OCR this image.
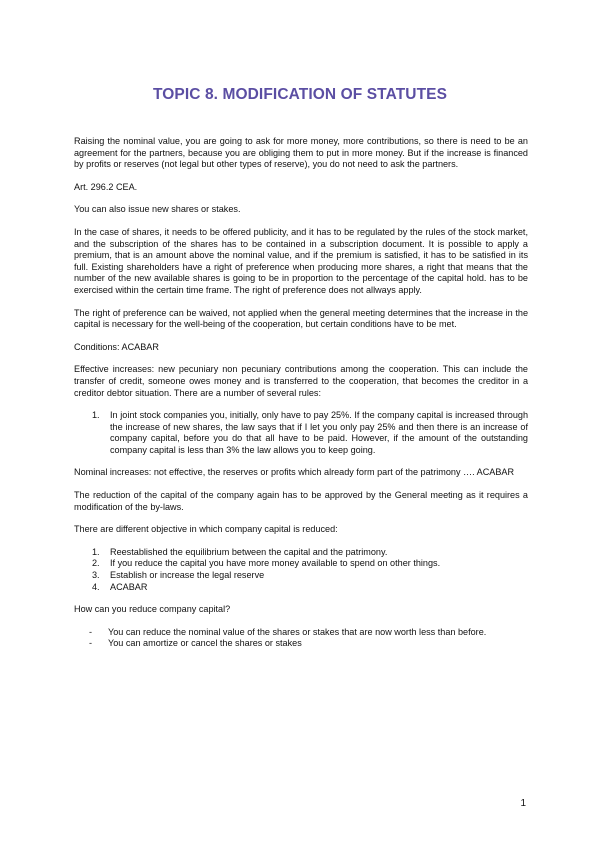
TOPIC 8. MODIFICATION OF STATUTES

Raising the nominal value, you are going to ask for more money, more contributions, so there is need to be an agreement for the partners, because you are obliging them to put in more money. But if the increase is financed by profits or reserves (not legal but other types of reserve), you do not need to ask the partners.

Art. 296.2 CEA.

You can also issue new shares or stakes.

In the case of shares, it needs to be offered publicity, and it has to be regulated by the rules of the stock market, and the subscription of the shares has to be contained in a subscription document. It is possible to apply a premium, that is an amount above the nominal value, and if the premium is satisfied, it has to be satisfied in its full. Existing shareholders have a right of preference when producing more shares, a right that means that the number of the new available shares is going to be in proportion to the percentage of the capital hold. has to be exercised within the certain time frame. The right of preference does not allways apply.

The right of preference can be waived, not applied when the general meeting determines that the increase in the capital is necessary for the well-being of the cooperation, but certain conditions have to be met.

Conditions: ACABAR

Effective increases: new pecuniary non pecuniary contributions among the cooperation. This can include the transfer of credit, someone owes money and is transferred to the cooperation, that becomes the creditor in a creditor debtor situation. There are a number of several rules:

1.	In joint stock companies you, initially, only have to pay 25%. If the company capital is increased through the increase of new shares, the law says that if I let you only pay 25% and then there is an increase of company capital, before you do that all have to be paid. However, if the amount of the outstanding company capital is less than 3% the law allows you to keep going.

Nominal increases: not effective, the reserves or profits which already form part of the patrimony …. ACABAR

The reduction of the capital of the company again has to be approved by the General meeting as it requires a modification of the by-laws.

There are different objective in which company capital is reduced:

1.	Reestablished the equilibrium between the capital and the patrimony.
2.	If you reduce the capital you have more money available to spend on other things.
3.	Establish or increase the legal reserve
4.	ACABAR

How can you reduce company capital?

-	You can reduce the nominal value of the shares or stakes that are now worth less than before.
-	You can amortize or cancel the shares or stakes
1
